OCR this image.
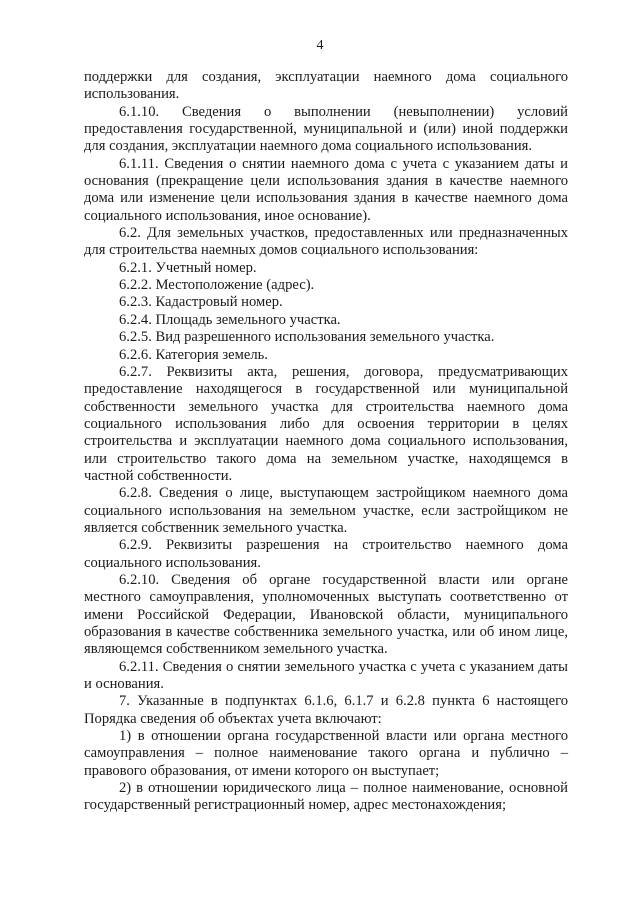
4

поддержки для создания, эксплуатации наемного дома социального использования.

6.1.10. Сведения о выполнении (невыполнении) условий предоставления государственной, муниципальной и (или) иной поддержки для создания, эксплуатации наемного дома социального использования.

6.1.11. Сведения о снятии наемного дома с учета с указанием даты и основания (прекращение цели использования здания в качестве наемного дома или изменение цели использования здания в качестве наемного дома социального использования, иное основание).

6.2. Для земельных участков, предоставленных или предназначенных для строительства наемных домов социального использования:

6.2.1. Учетный номер.

6.2.2. Местоположение (адрес).

6.2.3. Кадастровый номер.

6.2.4. Площадь земельного участка.

6.2.5. Вид разрешенного использования земельного участка.

6.2.6. Категория земель.

6.2.7. Реквизиты акта, решения, договора, предусматривающих предоставление находящегося в государственной или муниципальной собственности земельного участка для строительства наемного дома социального использования либо для освоения территории в целях строительства и эксплуатации наемного дома социального использования, или строительство такого дома на земельном участке, находящемся в частной собственности.

6.2.8. Сведения о лице, выступающем застройщиком наемного дома социального использования на земельном участке, если застройщиком не является собственник земельного участка.

6.2.9. Реквизиты разрешения на строительство наемного дома социального использования.

6.2.10. Сведения об органе государственной власти или органе местного самоуправления, уполномоченных выступать соответственно от имени Российской Федерации, Ивановской области, муниципального образования в качестве собственника земельного участка, или об ином лице, являющемся собственником земельного участка.

6.2.11. Сведения о снятии земельного участка с учета с указанием даты и основания.

7. Указанные в подпунктах 6.1.6, 6.1.7 и 6.2.8 пункта 6 настоящего Порядка сведения об объектах учета включают:

1) в отношении органа государственной власти или органа местного самоуправления – полное наименование такого органа и публично – правового образования, от имени которого он выступает;

2) в отношении юридического лица – полное наименование, основной государственный регистрационный номер, адрес местонахождения;
